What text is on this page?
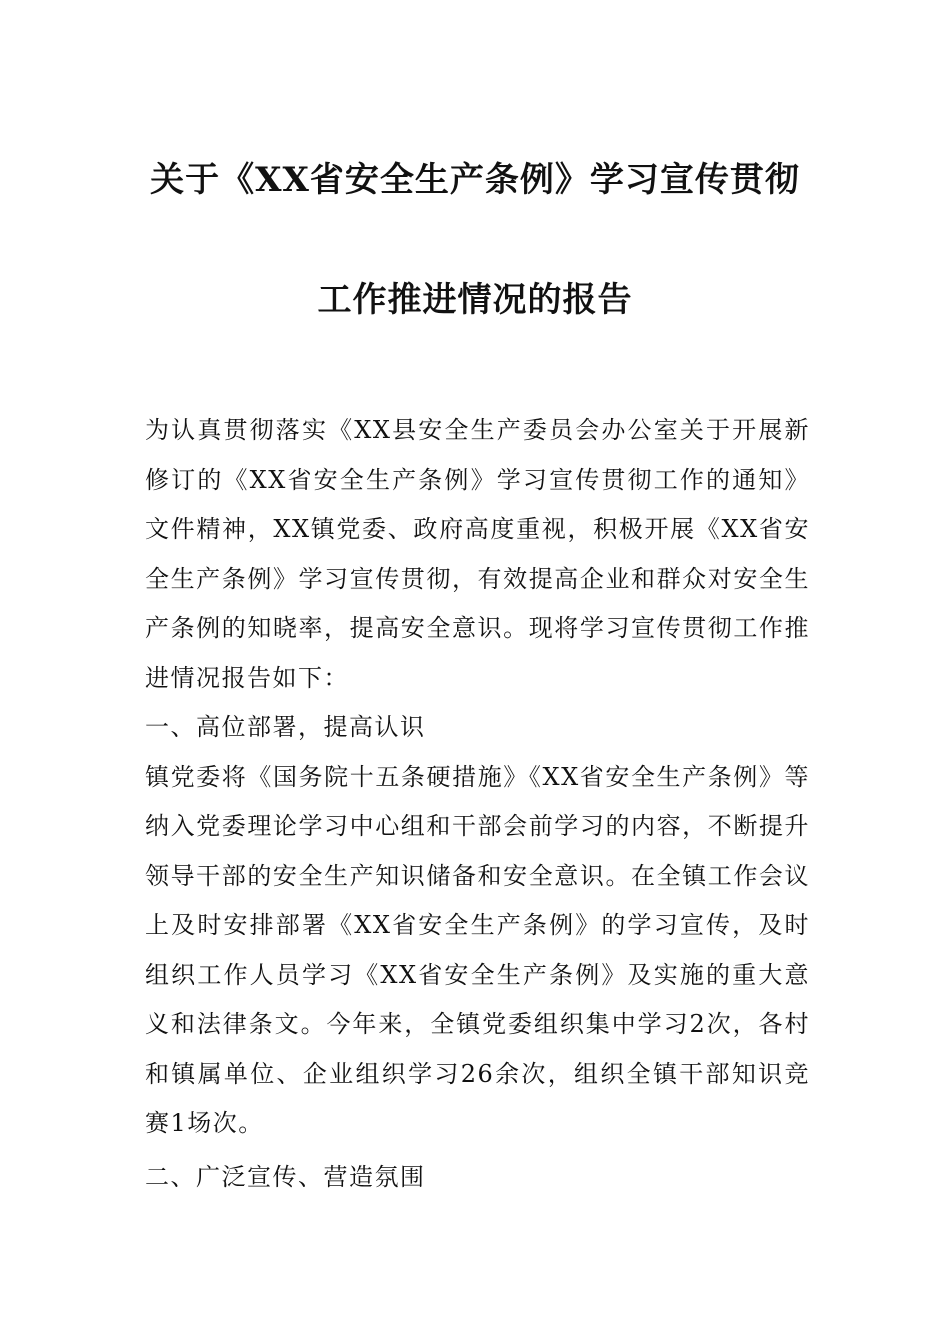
关于《XX省安全生产条例》学习宣传贯彻
工作推进情况的报告

为认真贯彻落实《XX县安全生产委员会办公室关于开展新修订的《XX省安全生产条例》学习宣传贯彻工作的通知》文件精神，XX镇党委、政府高度重视，积极开展《XX省安全生产条例》学习宣传贯彻，有效提高企业和群众对安全生产条例的知晓率，提高安全意识。现将学习宣传贯彻工作推进情况报告如下：

一、高位部署，提高认识

镇党委将《国务院十五条硬措施》《XX省安全生产条例》等纳入党委理论学习中心组和干部会前学习的内容，不断提升领导干部的安全生产知识储备和安全意识。在全镇工作会议上及时安排部署《XX省安全生产条例》的学习宣传，及时组织工作人员学习《XX省安全生产条例》及实施的重大意义和法律条文。今年来，全镇党委组织集中学习2次，各村和镇属单位、企业组织学习26余次，组织全镇干部知识竞赛1场次。

二、广泛宣传、营造氛围
